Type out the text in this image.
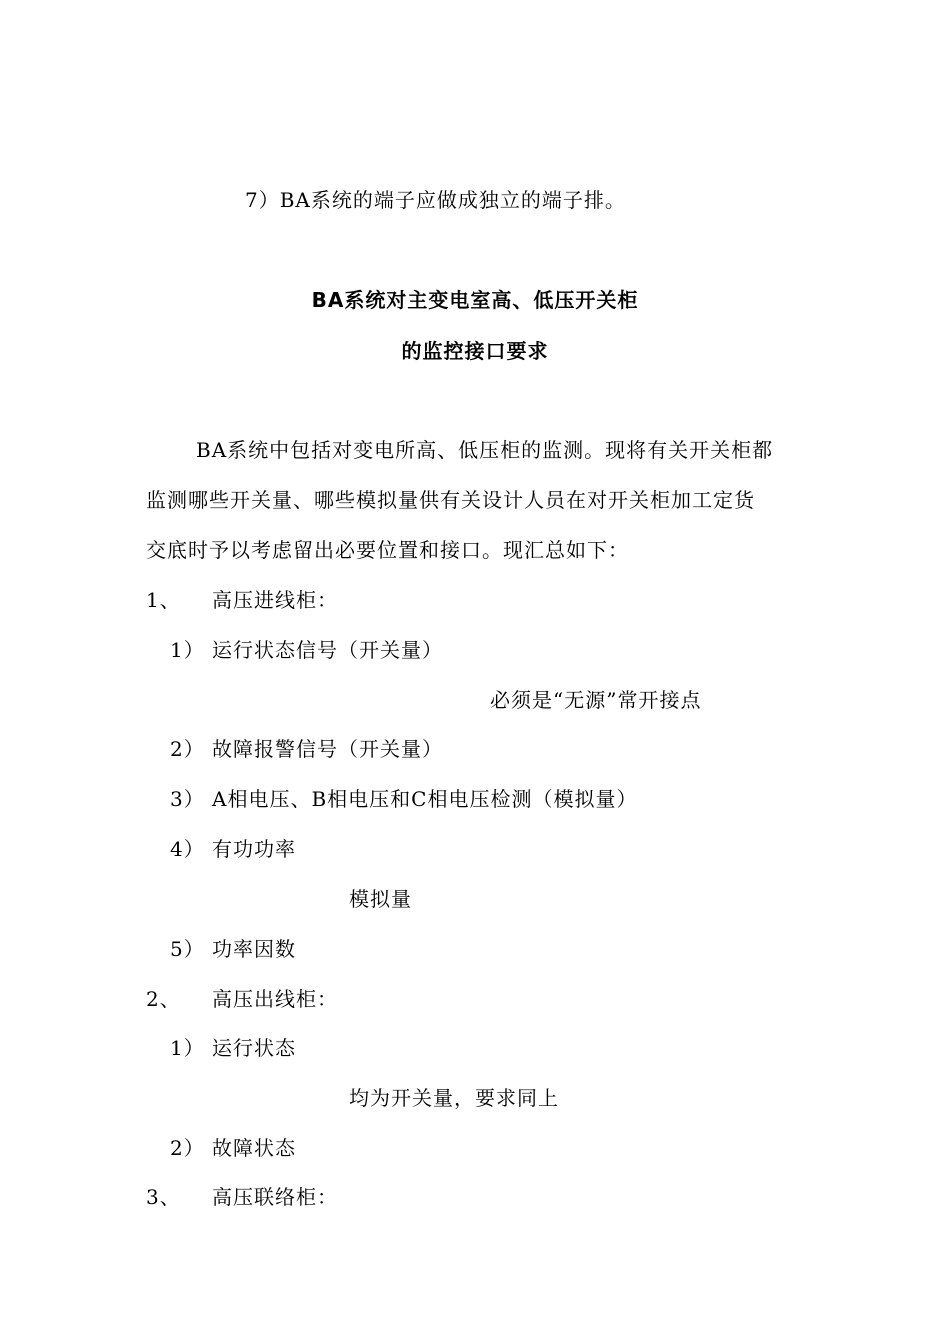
7）BA系统的端子应做成独立的端子排。
BA系统对主变电室高、低压开关柜
的监控接口要求
BA系统中包括对变电所高、低压柜的监测。现将有关开关柜都
监测哪些开关量、哪些模拟量供有关设计人员在对开关柜加工定货
交底时予以考虑留出必要位置和接口。现汇总如下：
1、 高压进线柜：
1） 运行状态信号（开关量）
必须是“无源”常开接点
2） 故障报警信号（开关量）
3） A相电压、B相电压和C相电压检测（模拟量）
4） 有功功率
模拟量
5） 功率因数
2、 高压出线柜：
1） 运行状态
均为开关量，要求同上
2） 故障状态
3、 高压联络柜：
